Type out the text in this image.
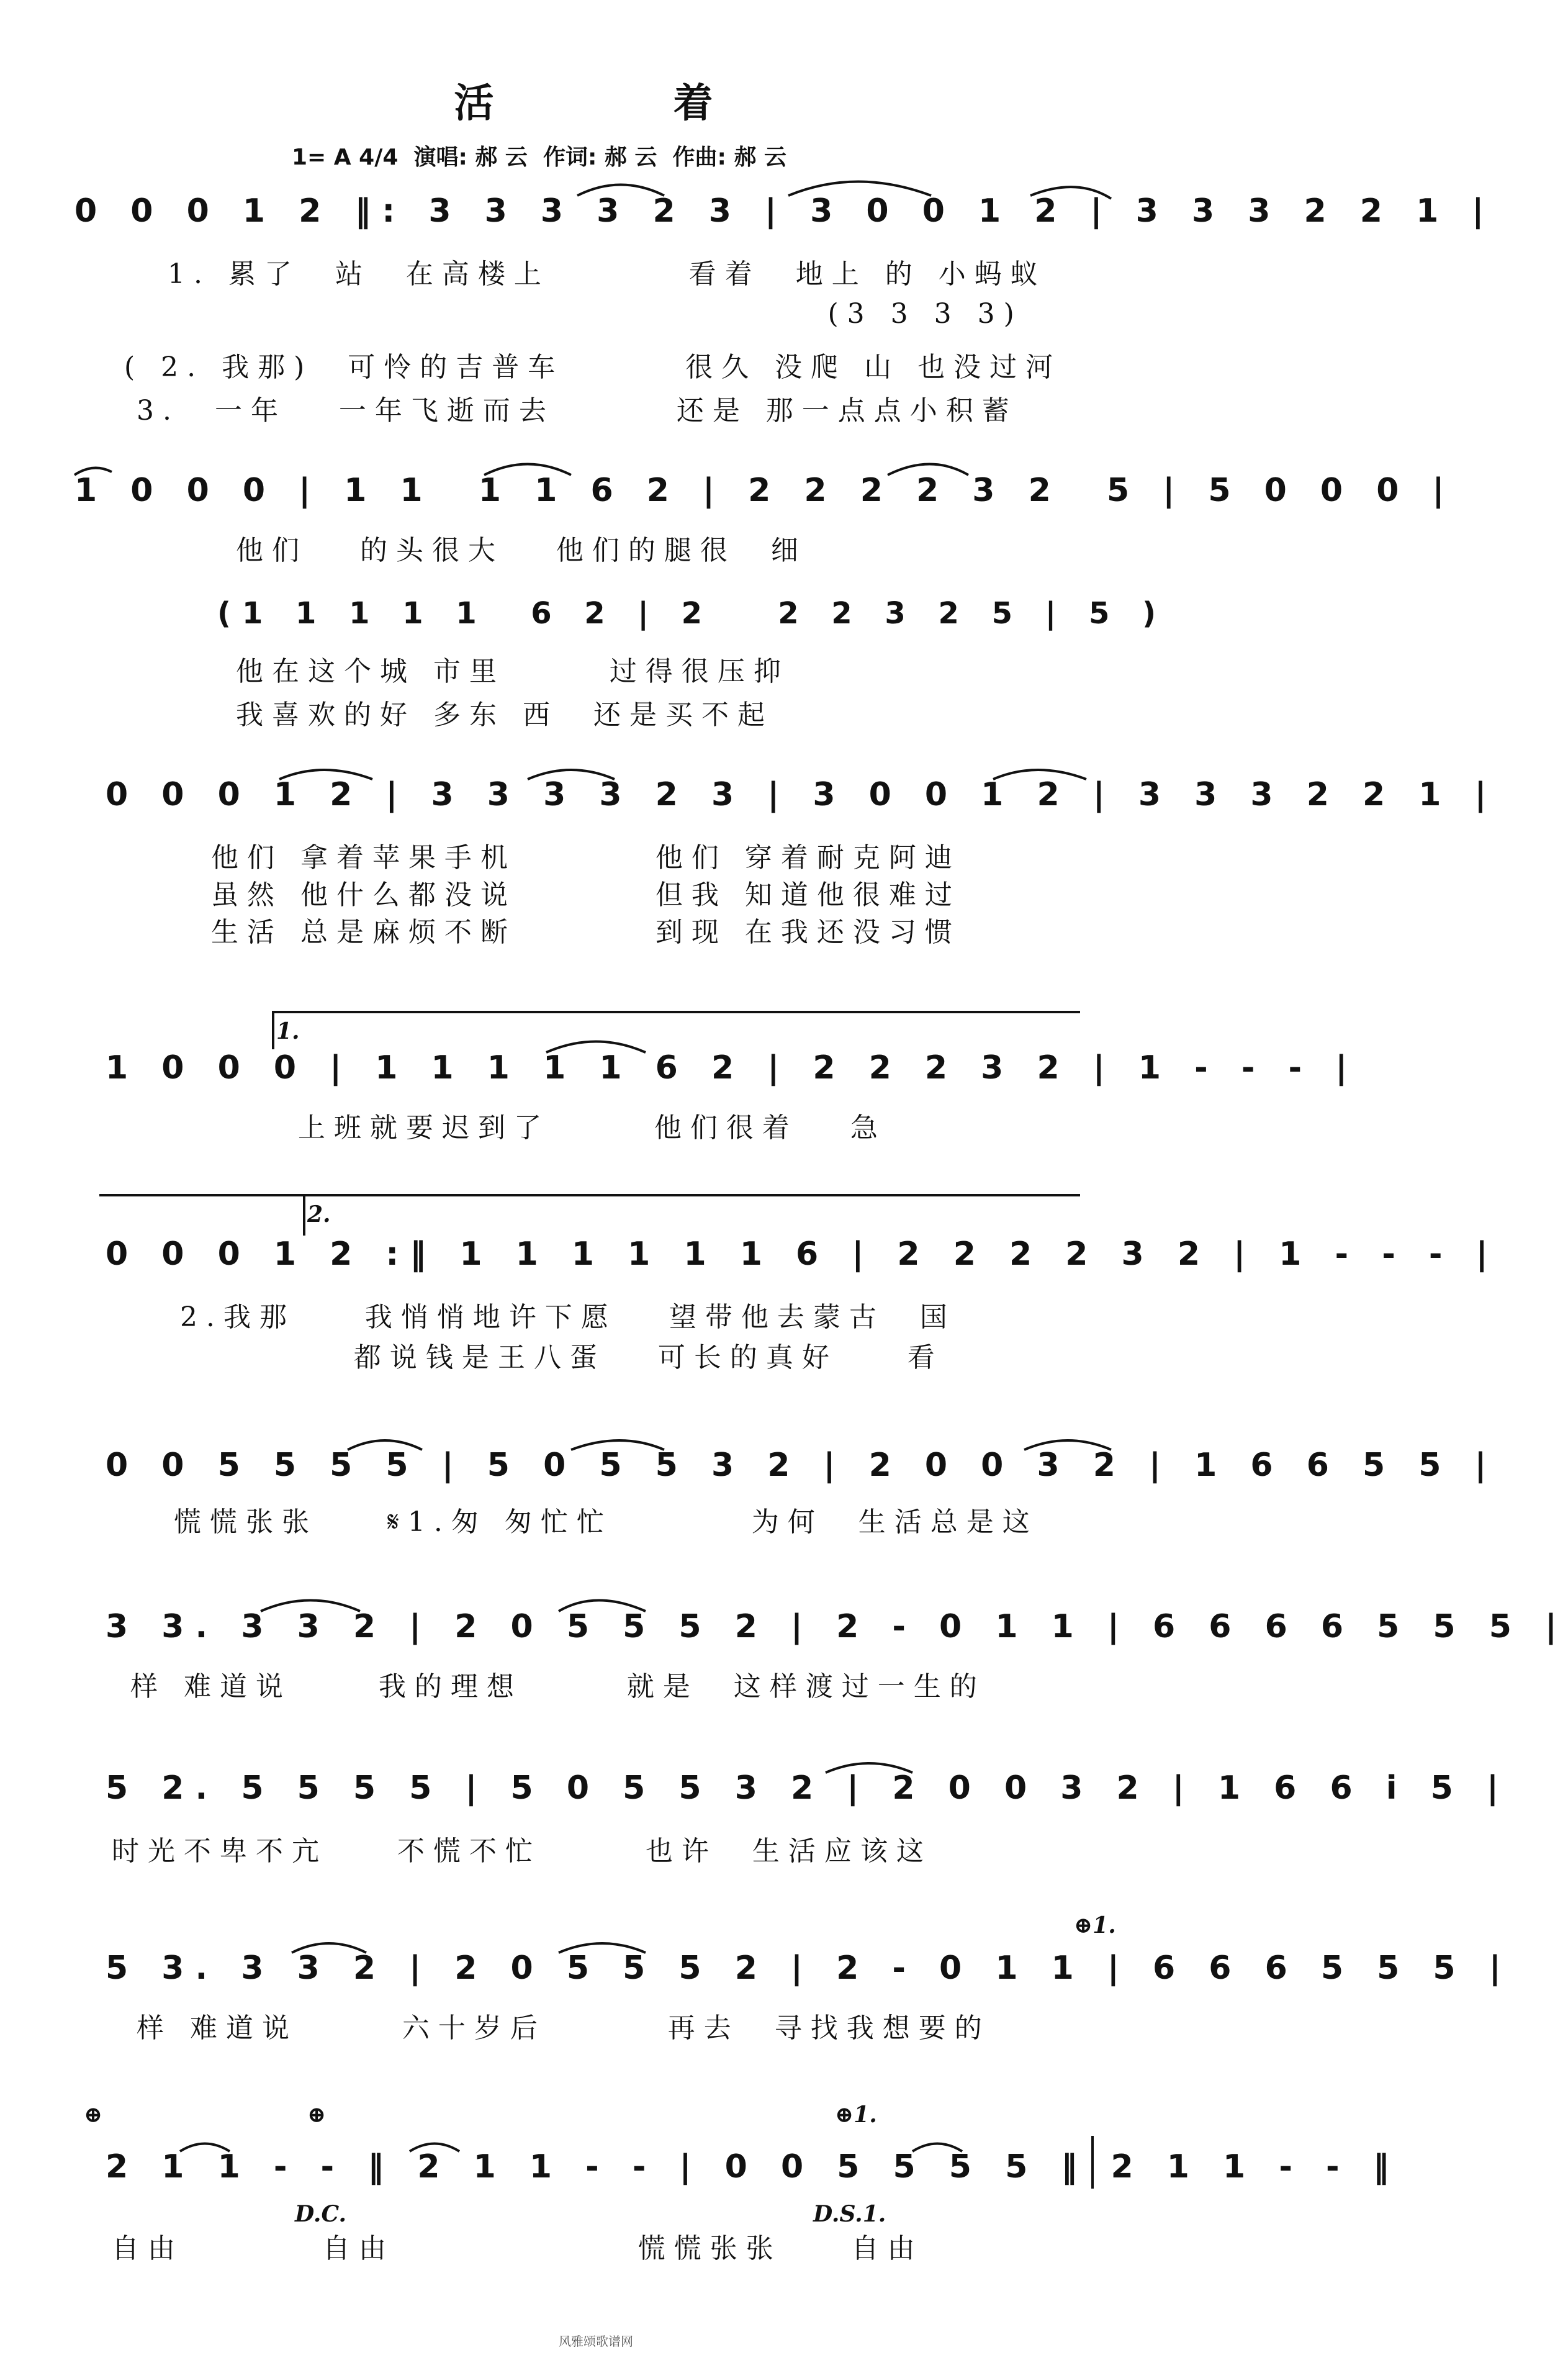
活    着
1= A 4/4  演唱: 郝 云  作词: 郝 云  作曲: 郝 云
0 0 0 1 2 ‖: 3 3 3 3 2 3 | 3 0 0 1 2 | 3 3 3 2 2 1 |
1. 累了  站  在高楼上        看着  地上 的 小蚂蚁
(3 3 3 3)
( 2. 我那)  可怜的吉普车       很久 没爬 山 也没过河
3.  一年   一年飞逝而去       还是 那一点点小积蓄
1 0 0 0 | 1 1  1 1 6 2 | 2 2 2 2 3 2  5 | 5 0 0 0 |
他们   的头很大   他们的腿很  细
(1 1 1 1 1  6 2 | 2   2 2 3 2 5 | 5 )
他在这个城 市里      过得很压抑
我喜欢的好 多东 西  还是买不起
0 0 0 1 2 | 3 3 3 3 2 3 | 3 0 0 1 2 | 3 3 3 2 2 1 |
他们 拿着苹果手机        他们 穿着耐克阿迪
虽然 他什么都没说        但我 知道他很难过
生活 总是麻烦不断        到现 在我还没习惯
1.
1 0 0 0 | 1 1 1 1 1 6 2 | 2 2 2 3 2 | 1 - - - |
上班就要迟到了      他们很着   急
2.
0 0 0 1 2 :‖ 1 1 1 1 1 1 6 | 2 2 2 2 3 2 | 1 - - - |
2.我那    我悄悄地许下愿   望带他去蒙古  国
都说钱是王八蛋   可长的真好    看
0 0 5 5 5 5 | 5 0 5 5 3 2 | 2 0 0 3 2 | 1 6 6 5 5 |
慌慌张张    𝄋1.匆 匆忙忙        为何  生活总是这
3 3. 3 3 2 | 2 0 5 5 5 2 | 2 - 0 1 1 | 6 6 6 6 5 5 5 |
样 难道说     我的理想      就是  这样渡过一生的
5 2. 5 5 5 5 | 5 0 5 5 3 2 | 2 0 0 3 2 | 1 6 6 i 5 |
时光不卑不亢    不慌不忙      也许  生活应该这
⊕1.
5 3. 3 3 2 | 2 0 5 5 5 2 | 2 - 0 1 1 | 6 6 6 5 5 5 |
样 难道说      六十岁后       再去  寻找我想要的
⊕	⊕	⊕1.
2 1 1 - - ‖ 2 1 1 - - | 0 0 5 5 5 5 ‖ 2 1 1 - - ‖
D.C.	D.S.1.
自由        自由              慌慌张张    自由
风雅颂歌谱网
